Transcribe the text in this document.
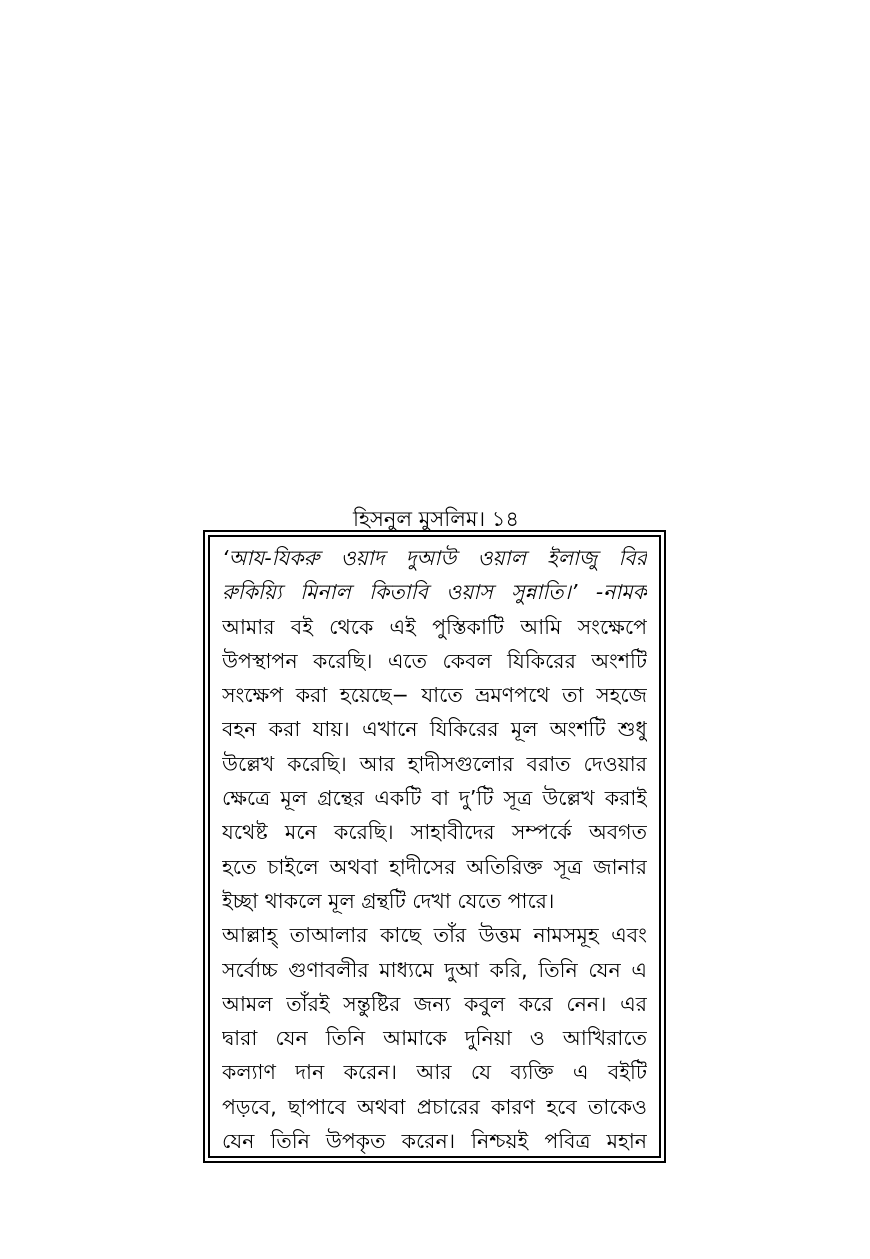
হিসনুল মুসলিম। ১৪
‘আয-যিকরু ওয়াদ দুআউ ওয়াল ইলাজু বির
রুকিয়্যি মিনাল কিতাবি ওয়াস সুন্নাতি।’ -নামক
আমার বই থেকে এই পুস্তিকাটি আমি সংক্ষেপে
উপস্থাপন করেছি। এতে কেবল যিকিরের অংশটি
সংক্ষেপ করা হয়েছে− যাতে ভ্রমণপথে তা সহজে
বহন করা যায়। এখানে যিকিরের মূল অংশটি শুধু
উল্লেখ করেছি। আর হাদীসগুলোর বরাত দেওয়ার
ক্ষেত্রে মূল গ্রন্থের একটি বা দু’টি সূত্র উল্লেখ করাই
যথেষ্ট মনে করেছি। সাহাবীদের সম্পর্কে অবগত
হতে চাইলে অথবা হাদীসের অতিরিক্ত সূত্র জানার
ইচ্ছা থাকলে মূল গ্রন্থটি দেখা যেতে পারে।
আল্লাহ্ তাআলার কাছে তাঁর উত্তম নামসমূহ এবং
সর্বোচ্চ গুণাবলীর মাধ্যমে দুআ করি, তিনি যেন এ
আমল তাঁরই সন্তুষ্টির জন্য কবুল করে নেন। এর
দ্বারা যেন তিনি আমাকে দুনিয়া ও আখিরাতে
কল্যাণ দান করেন। আর যে ব্যক্তি এ বইটি
পড়বে, ছাপাবে অথবা প্রচারের কারণ হবে তাকেও
যেন তিনি উপকৃত করেন। নিশ্চয়ই পবিত্র মহান
